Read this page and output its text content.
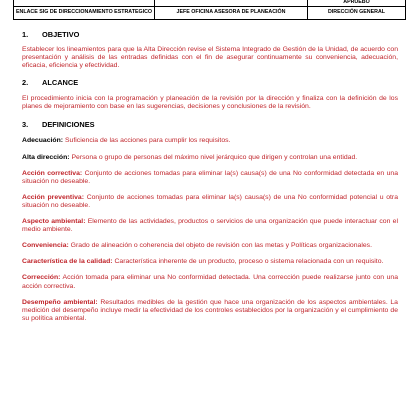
		APRUEBO
ENLACE SIG DE DIRECCIONAMIENTO ESTRATEGICO	JEFE OFICINA ASESORA DE PLANEACIÓN	DIRECCIÓN GENERAL

1. OBJETIVO

Establecer los lineamientos para que la Alta Dirección revise el Sistema Integrado de Gestión de la Unidad, de acuerdo con presentación y análisis de las entradas definidas con el fin de asegurar continuamente su conveniencia, adecuación, eficacia, eficiencia y efectividad.

2. ALCANCE

El procedimiento inicia con la programación y planeación de la revisión por la dirección y finaliza con la definición de los planes de mejoramiento con base en las sugerencias, decisiones y conclusiones de la revisión.

3. DEFINICIONES

Adecuación: Suficiencia de las acciones para cumplir los requisitos.

Alta dirección: Persona o grupo de personas del máximo nivel jerárquico que dirigen y controlan una entidad.

Acción correctiva: Conjunto de acciones tomadas para eliminar la(s) causa(s) de una No conformidad detectada en una situación no deseable.

Acción preventiva: Conjunto de acciones tomadas para eliminar la(s) causa(s) de una No conformidad potencial u otra situación no deseable.

Aspecto ambiental: Elemento de las actividades, productos o servicios de una organización que puede interactuar con el medio ambiente.

Conveniencia: Grado de alineación o coherencia del objeto de revisión con las metas y Políticas organizacionales.

Característica de la calidad: Característica inherente de un producto, proceso o sistema relacionada con un requisito.

Corrección: Acción tomada para eliminar una No conformidad detectada. Una corrección puede realizarse junto con una acción correctiva.

Desempeño ambiental: Resultados medibles de la gestión que hace una organización de los aspectos ambientales. La medición del desempeño incluye medir la efectividad de los controles establecidos por la organización y el cumplimiento de su política ambiental.
